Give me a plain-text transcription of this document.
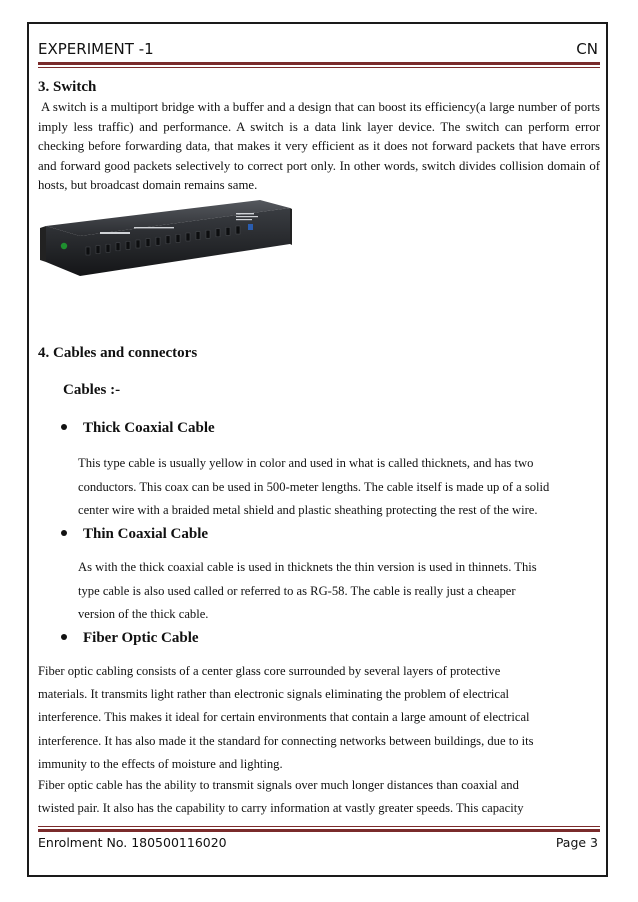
EXPERIMENT -1	CN
3. Switch
A switch is a multiport bridge with a buffer and a design that can boost its efficiency(a large number of ports imply less traffic) and performance. A switch is a data link layer device. The switch can perform error checking before forwarding data, that makes it very efficient as it does not forward packets that have errors and forward good packets selectively to correct port only. In other words, switch divides collision domain of hosts, but broadcast domain remains same.
4. Cables and connectors
Cables :-
Thick Coaxial Cable
This type cable is usually yellow in color and used in what is called thicknets, and has two
conductors. This coax can be used in 500-meter lengths. The cable itself is made up of a solid
center wire with a braided metal shield and plastic sheathing protecting the rest of the wire.
Thin Coaxial Cable
As with the thick coaxial cable is used in thicknets the thin version is used in thinnets. This
type cable is also used called or referred to as RG-58. The cable is really just a cheaper
version of the thick cable.
Fiber Optic Cable
Fiber optic cabling consists of a center glass core surrounded by several layers of protective
materials. It transmits light rather than electronic signals eliminating the problem of electrical
interference. This makes it ideal for certain environments that contain a large amount of electrical
interference. It has also made it the standard for connecting networks between buildings, due to its
immunity to the effects of moisture and lighting.
Fiber optic cable has the ability to transmit signals over much longer distances than coaxial and
twisted pair. It also has the capability to carry information at vastly greater speeds. This capacity
Enrolment No. 180500116020	Page 3
